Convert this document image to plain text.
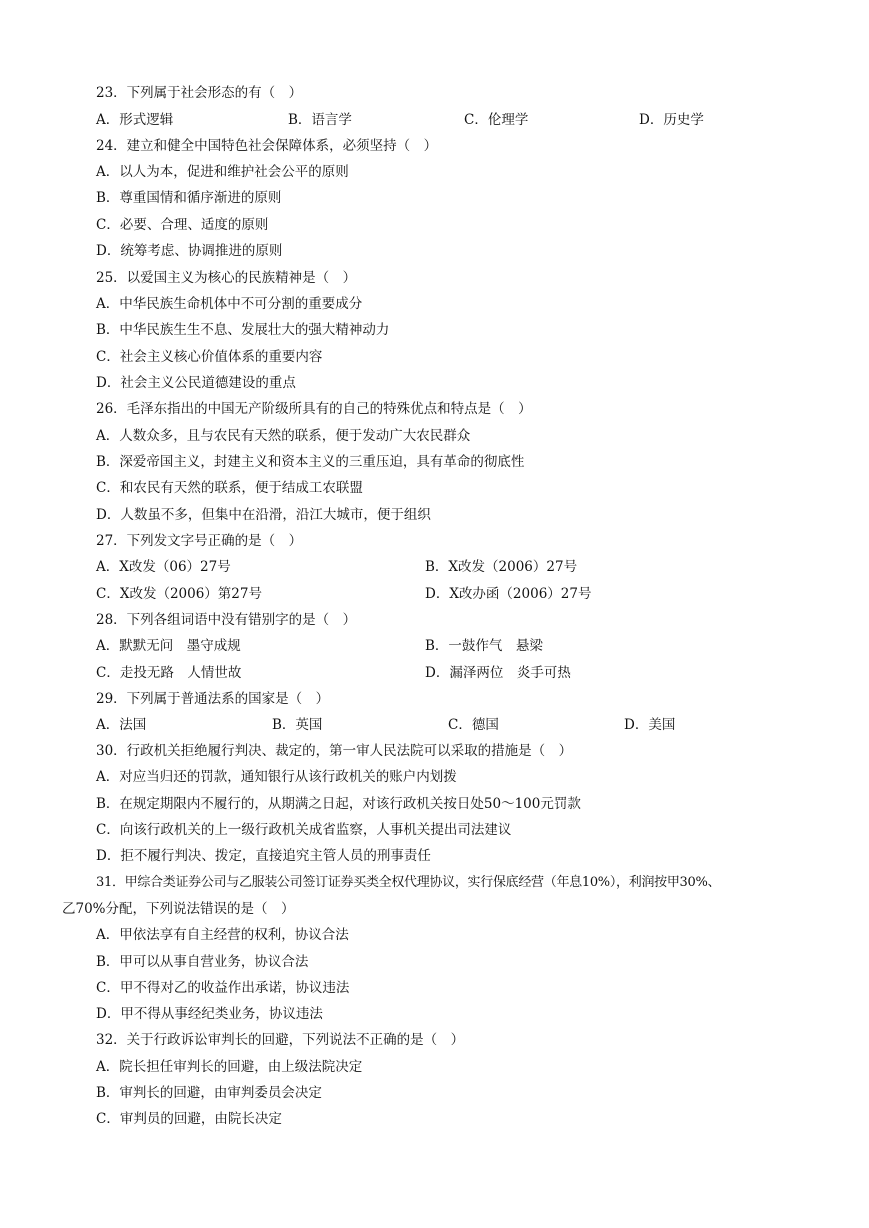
23．下列属于社会形态的有（　）
A．形式逻辑	B．语言学	C．伦理学	D．历史学
24．建立和健全中国特色社会保障体系，必须坚持（　）
A．以人为本，促进和维护社会公平的原则
B．尊重国情和循序渐进的原则
C．必要、合理、适度的原则
D．统筹考虑、协调推进的原则
25．以爱国主义为核心的民族精神是（　）
A．中华民族生命机体中不可分割的重要成分
B．中华民族生生不息、发展壮大的强大精神动力
C．社会主义核心价值体系的重要内容
D．社会主义公民道德建设的重点
26．毛泽东指出的中国无产阶级所具有的自己的特殊优点和特点是（　）
A．人数众多，且与农民有天然的联系，便于发动广大农民群众
B．深爱帝国主义，封建主义和资本主义的三重压迫，具有革命的彻底性
C．和农民有天然的联系，便于结成工农联盟
D．人数虽不多，但集中在沿滑，沿江大城市，便于组织
27．下列发文字号正确的是（　）
A．X改发（06）27号	B．X改发（2006）27号
C．X改发（2006）第27号	D．X改办函（2006）27号
28．下列各组词语中没有错别字的是（　）
A．默默无问　墨守成规	B．一鼓作气　悬梁
C．走投无路　人情世故	D．漏泽两位　炎手可热
29．下列属于普通法系的国家是（　）
A．法国	B．英国	C．德国	D．美国
30．行政机关拒绝履行判决、裁定的，第一审人民法院可以采取的措施是（　）
A．对应当归还的罚款，通知银行从该行政机关的账户内划拨
B．在规定期限内不履行的，从期满之日起，对该行政机关按日处50～100元罚款
C．向该行政机关的上一级行政机关成省监察，人事机关提出司法建议
D．拒不履行判决、拨定，直接追究主管人员的刑事责任
31．甲综合类证券公司与乙服装公司签订证券买类全权代理协议，实行保底经营（年息10%），利润按甲30%、
乙70%分配，下列说法错误的是（　）
A．甲依法享有自主经营的权利，协议合法
B．甲可以从事自营业务，协议合法
C．甲不得对乙的收益作出承诺，协议违法
D．甲不得从事经纪类业务，协议违法
32．关于行政诉讼审判长的回避，下列说法不正确的是（　）
A．院长担任审判长的回避，由上级法院决定
B．审判长的回避，由审判委员会决定
C．审判员的回避，由院长决定
